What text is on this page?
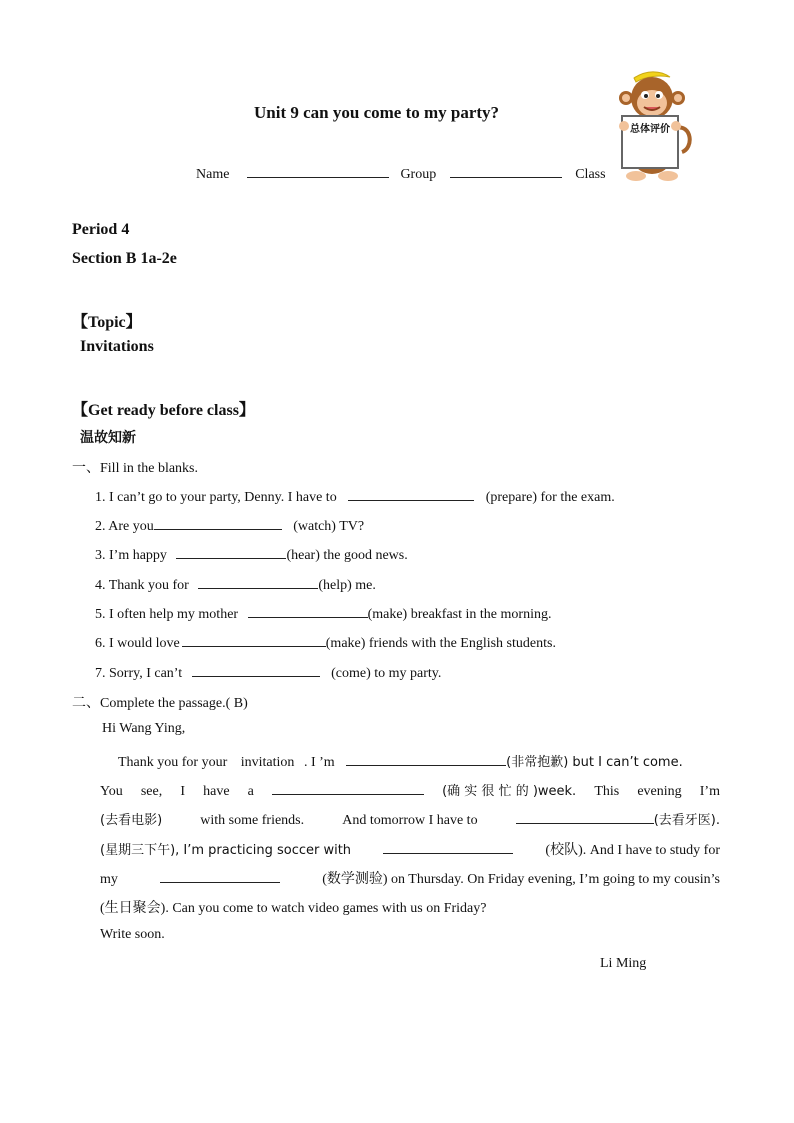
Unit 9 can you come to my party?
Name	Group	Class
总体评价
Period 4
Section B 1a-2e
【Topic】
Invitations
【Get ready before class】
温故知新
一、Fill in the blanks.
1. I can’t go to your party, Denny. I have to	(prepare) for the exam.
2. Are you	(watch) TV?
3. I’m happy	(hear) the good news.
4. Thank you for	(help) me.
5. I often help my mother	(make) breakfast in the morning.
6. I would love	(make) friends with the English students.
7. Sorry, I can’t	(come) to my party.
二、Complete the passage.( B)
Hi Wang Ying,
Thank you for your invitation . I ’m	(非常抱歉) but I can’t come.
You see, I have a	(确 实 很 忙 的 )week. This evening I’m
(去看电影)	with some friends.	And tomorrow I have to	(去看牙医).
(星期三下午), I’m practicing soccer with	(校队). And I have to study for
my	(数学测验) on Thursday. On Friday evening, I’m going to my cousin’s
(生日聚会). Can you come to watch video games with us on Friday?
Write soon.
Li Ming
